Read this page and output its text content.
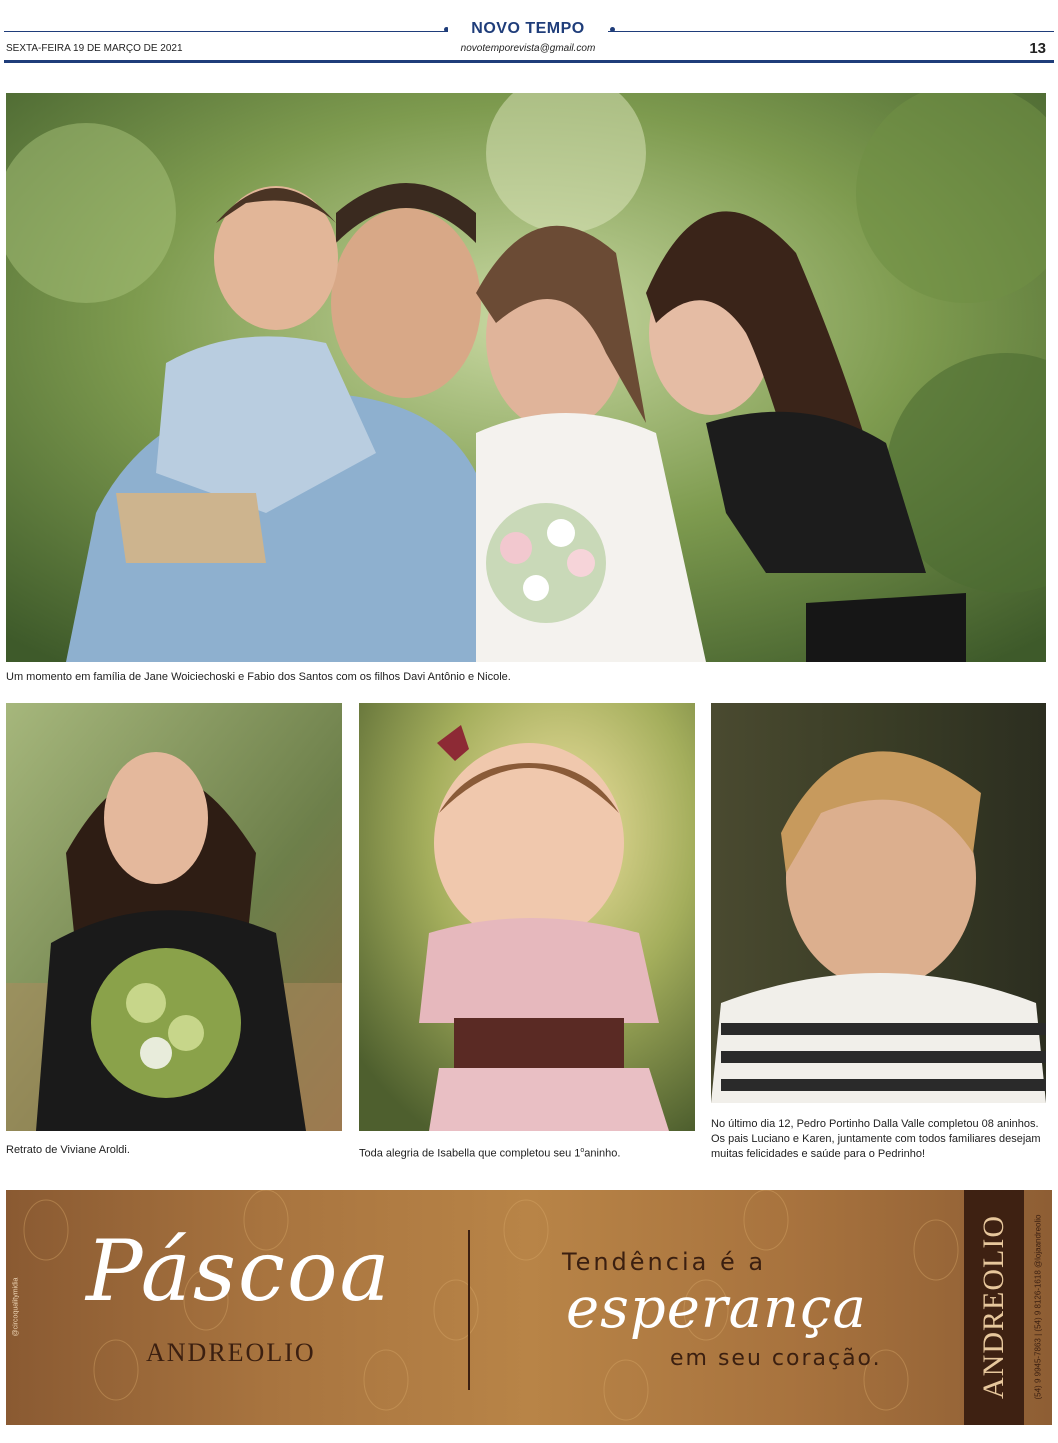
NOVO TEMPO
SEXTA-FEIRA 19 DE MARÇO DE 2021	novotemporevista@gmail.com	13
Um momento em família de Jane Woiciechoski e Fabio dos Santos com os filhos Davi Antônio e Nicole.
Retrato de Viviane Aroldi.	Toda alegria de Isabella que completou seu 1$^o$aninho.
No último dia 12, Pedro Portinho Dalla Valle completou 08 aninhos. Os pais Luciano e Karen, juntamente com todos familiares desejam muitas felicidades e saúde para o Pedrinho!
@circoqualitymidia Páscoa
ANDREOLIO
Tendência é a
esperança
em seu coração.	ANDREOLIO	(54) 9 9945-7863 | (54) 9 8126-1618 @lojaandreolio
